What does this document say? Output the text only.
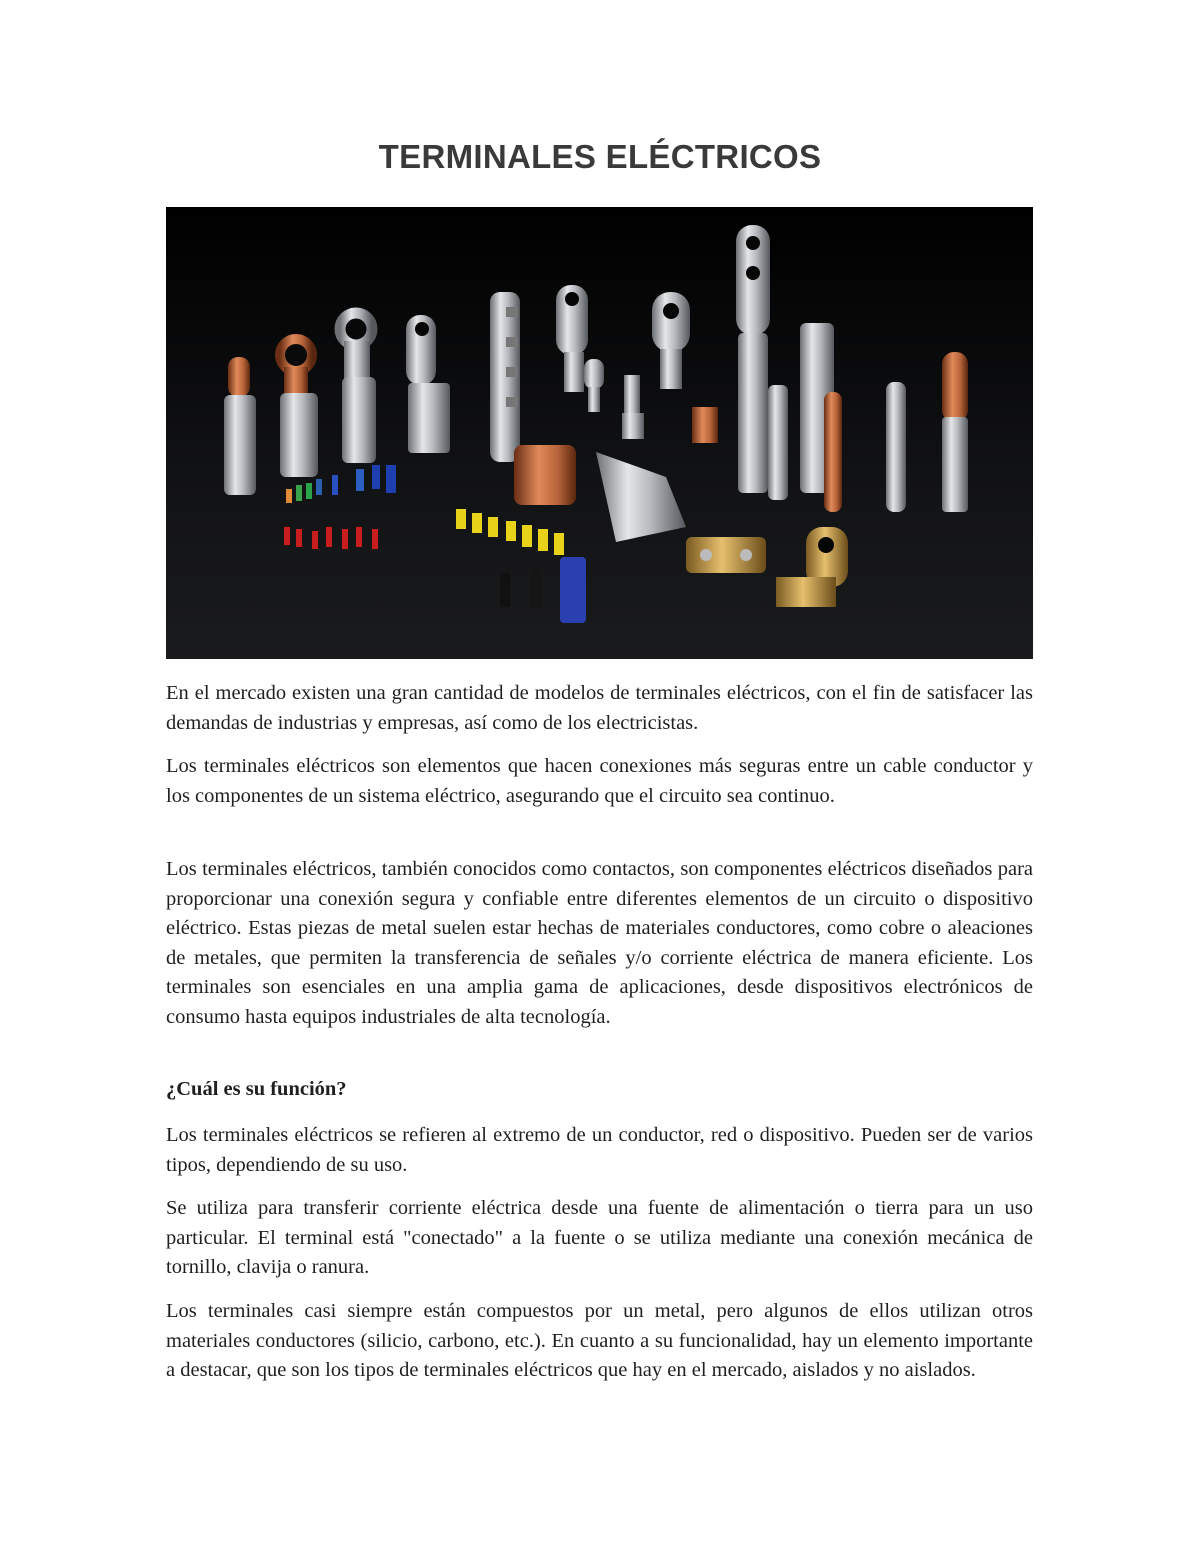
TERMINALES ELÉCTRICOS

En el mercado existen una gran cantidad de modelos de terminales eléctricos, con el fin de satisfacer las demandas de industrias y empresas, así como de los electricistas.

Los terminales eléctricos son elementos que hacen conexiones más seguras entre un cable conductor y los componentes de un sistema eléctrico, asegurando que el circuito sea continuo.

Los terminales eléctricos, también conocidos como contactos, son componentes eléctricos diseñados para proporcionar una conexión segura y confiable entre diferentes elementos de un circuito o dispositivo eléctrico. Estas piezas de metal suelen estar hechas de materiales conductores, como cobre o aleaciones de metales, que permiten la transferencia de señales y/o corriente eléctrica de manera eficiente. Los terminales son esenciales en una amplia gama de aplicaciones, desde dispositivos electrónicos de consumo hasta equipos industriales de alta tecnología.

¿Cuál es su función?

Los terminales eléctricos se refieren al extremo de un conductor, red o dispositivo. Pueden ser de varios tipos, dependiendo de su uso.

Se utiliza para transferir corriente eléctrica desde una fuente de alimentación o tierra para un uso particular. El terminal está "conectado" a la fuente o se utiliza mediante una conexión mecánica de tornillo, clavija o ranura.

Los terminales casi siempre están compuestos por un metal, pero algunos de ellos utilizan otros materiales conductores (silicio, carbono, etc.). En cuanto a su funcionalidad, hay un elemento importante a destacar, que son los tipos de terminales eléctricos que hay en el mercado, aislados y no aislados.
